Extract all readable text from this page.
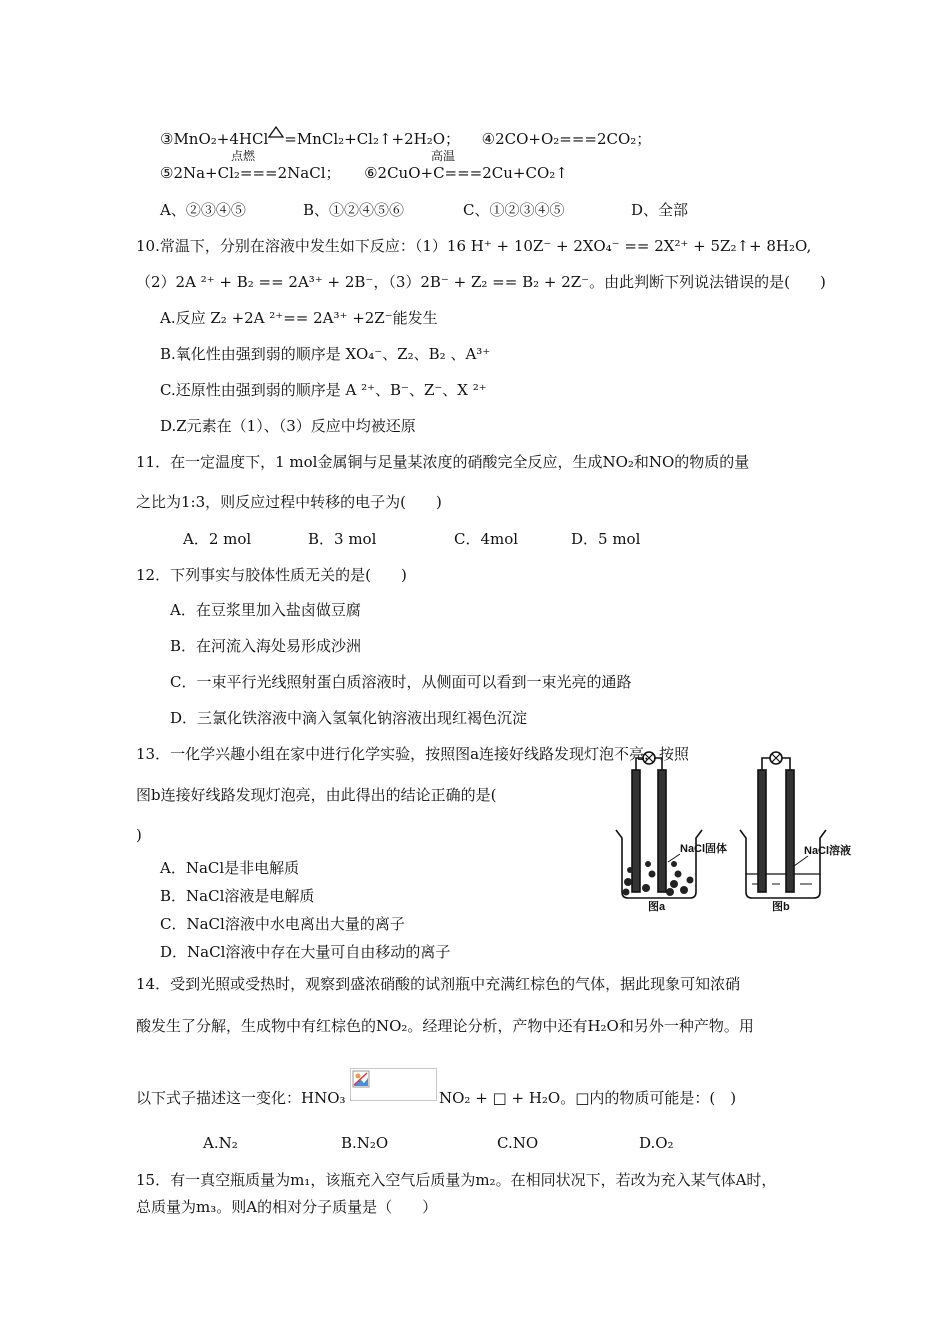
③MnO₂+4HCl =MnCl₂+Cl₂↑+2H₂O； ④2CO+O₂===2CO₂；
点燃	高温
⑤2Na+Cl₂===2NaCl； ⑥2CuO+C===2Cu+CO₂↑
A、②③④⑤	B、①②④⑤⑥	C、①②③④⑤	D、全部
10.常温下，分别在溶液中发生如下反应：（1）16 H⁺ + 10Z⁻ + 2XO₄⁻ == 2X²⁺ + 5Z₂↑+ 8H₂O,
（2）2A ²⁺ + B₂ == 2A³⁺ + 2B⁻，（3）2B⁻ + Z₂ == B₂ + 2Z⁻。由此判断下列说法错误的是(　　)
A.反应 Z₂ +2A ²⁺== 2A³⁺ +2Z⁻能发生
B.氧化性由强到弱的顺序是 XO₄⁻、Z₂、B₂ 、A³⁺
C.还原性由强到弱的顺序是 A ²⁺、B⁻、Z⁻、X ²⁺
D.Z元素在（1）、（3）反应中均被还原
11．在一定温度下，1 mol金属铜与足量某浓度的硝酸完全反应，生成NO₂和NO的物质的量
之比为1:3，则反应过程中转移的电子为(　　)
A．2 mol	B．3 mol	C．4mol	D．5 mol
12．下列事实与胶体性质无关的是(　　)
A．在豆浆里加入盐卤做豆腐
B．在河流入海处易形成沙洲
C．一束平行光线照射蛋白质溶液时，从侧面可以看到一束光亮的通路
D．三氯化铁溶液中滴入氢氧化钠溶液出现红褐色沉淀
13．一化学兴趣小组在家中进行化学实验，按照图a连接好线路发现灯泡不亮，按照
图b连接好线路发现灯泡亮，由此得出的结论正确的是(
)
A．NaCl是非电解质
B．NaCl溶液是电解质
C．NaCl溶液中水电离出大量的离子
D．NaCl溶液中存在大量可自由移动的离子
NaCl固体	NaCl溶液
图a	图b
14．受到光照或受热时，观察到盛浓硝酸的试剂瓶中充满红棕色的气体，据此现象可知浓硝
酸发生了分解，生成物中有红棕色的NO₂。经理论分析，产物中还有H₂O和另外一种产物。用
以下式子描述这一变化：HNO₃	NO₂ + □ + H₂O。□内的物质可能是：(　)
A.N₂	B.N₂O	C.NO	D.O₂
15．有一真空瓶质量为m₁，该瓶充入空气后质量为m₂。在相同状况下，若改为充入某气体A时，
总质量为m₃。则A的相对分子质量是（　　）
